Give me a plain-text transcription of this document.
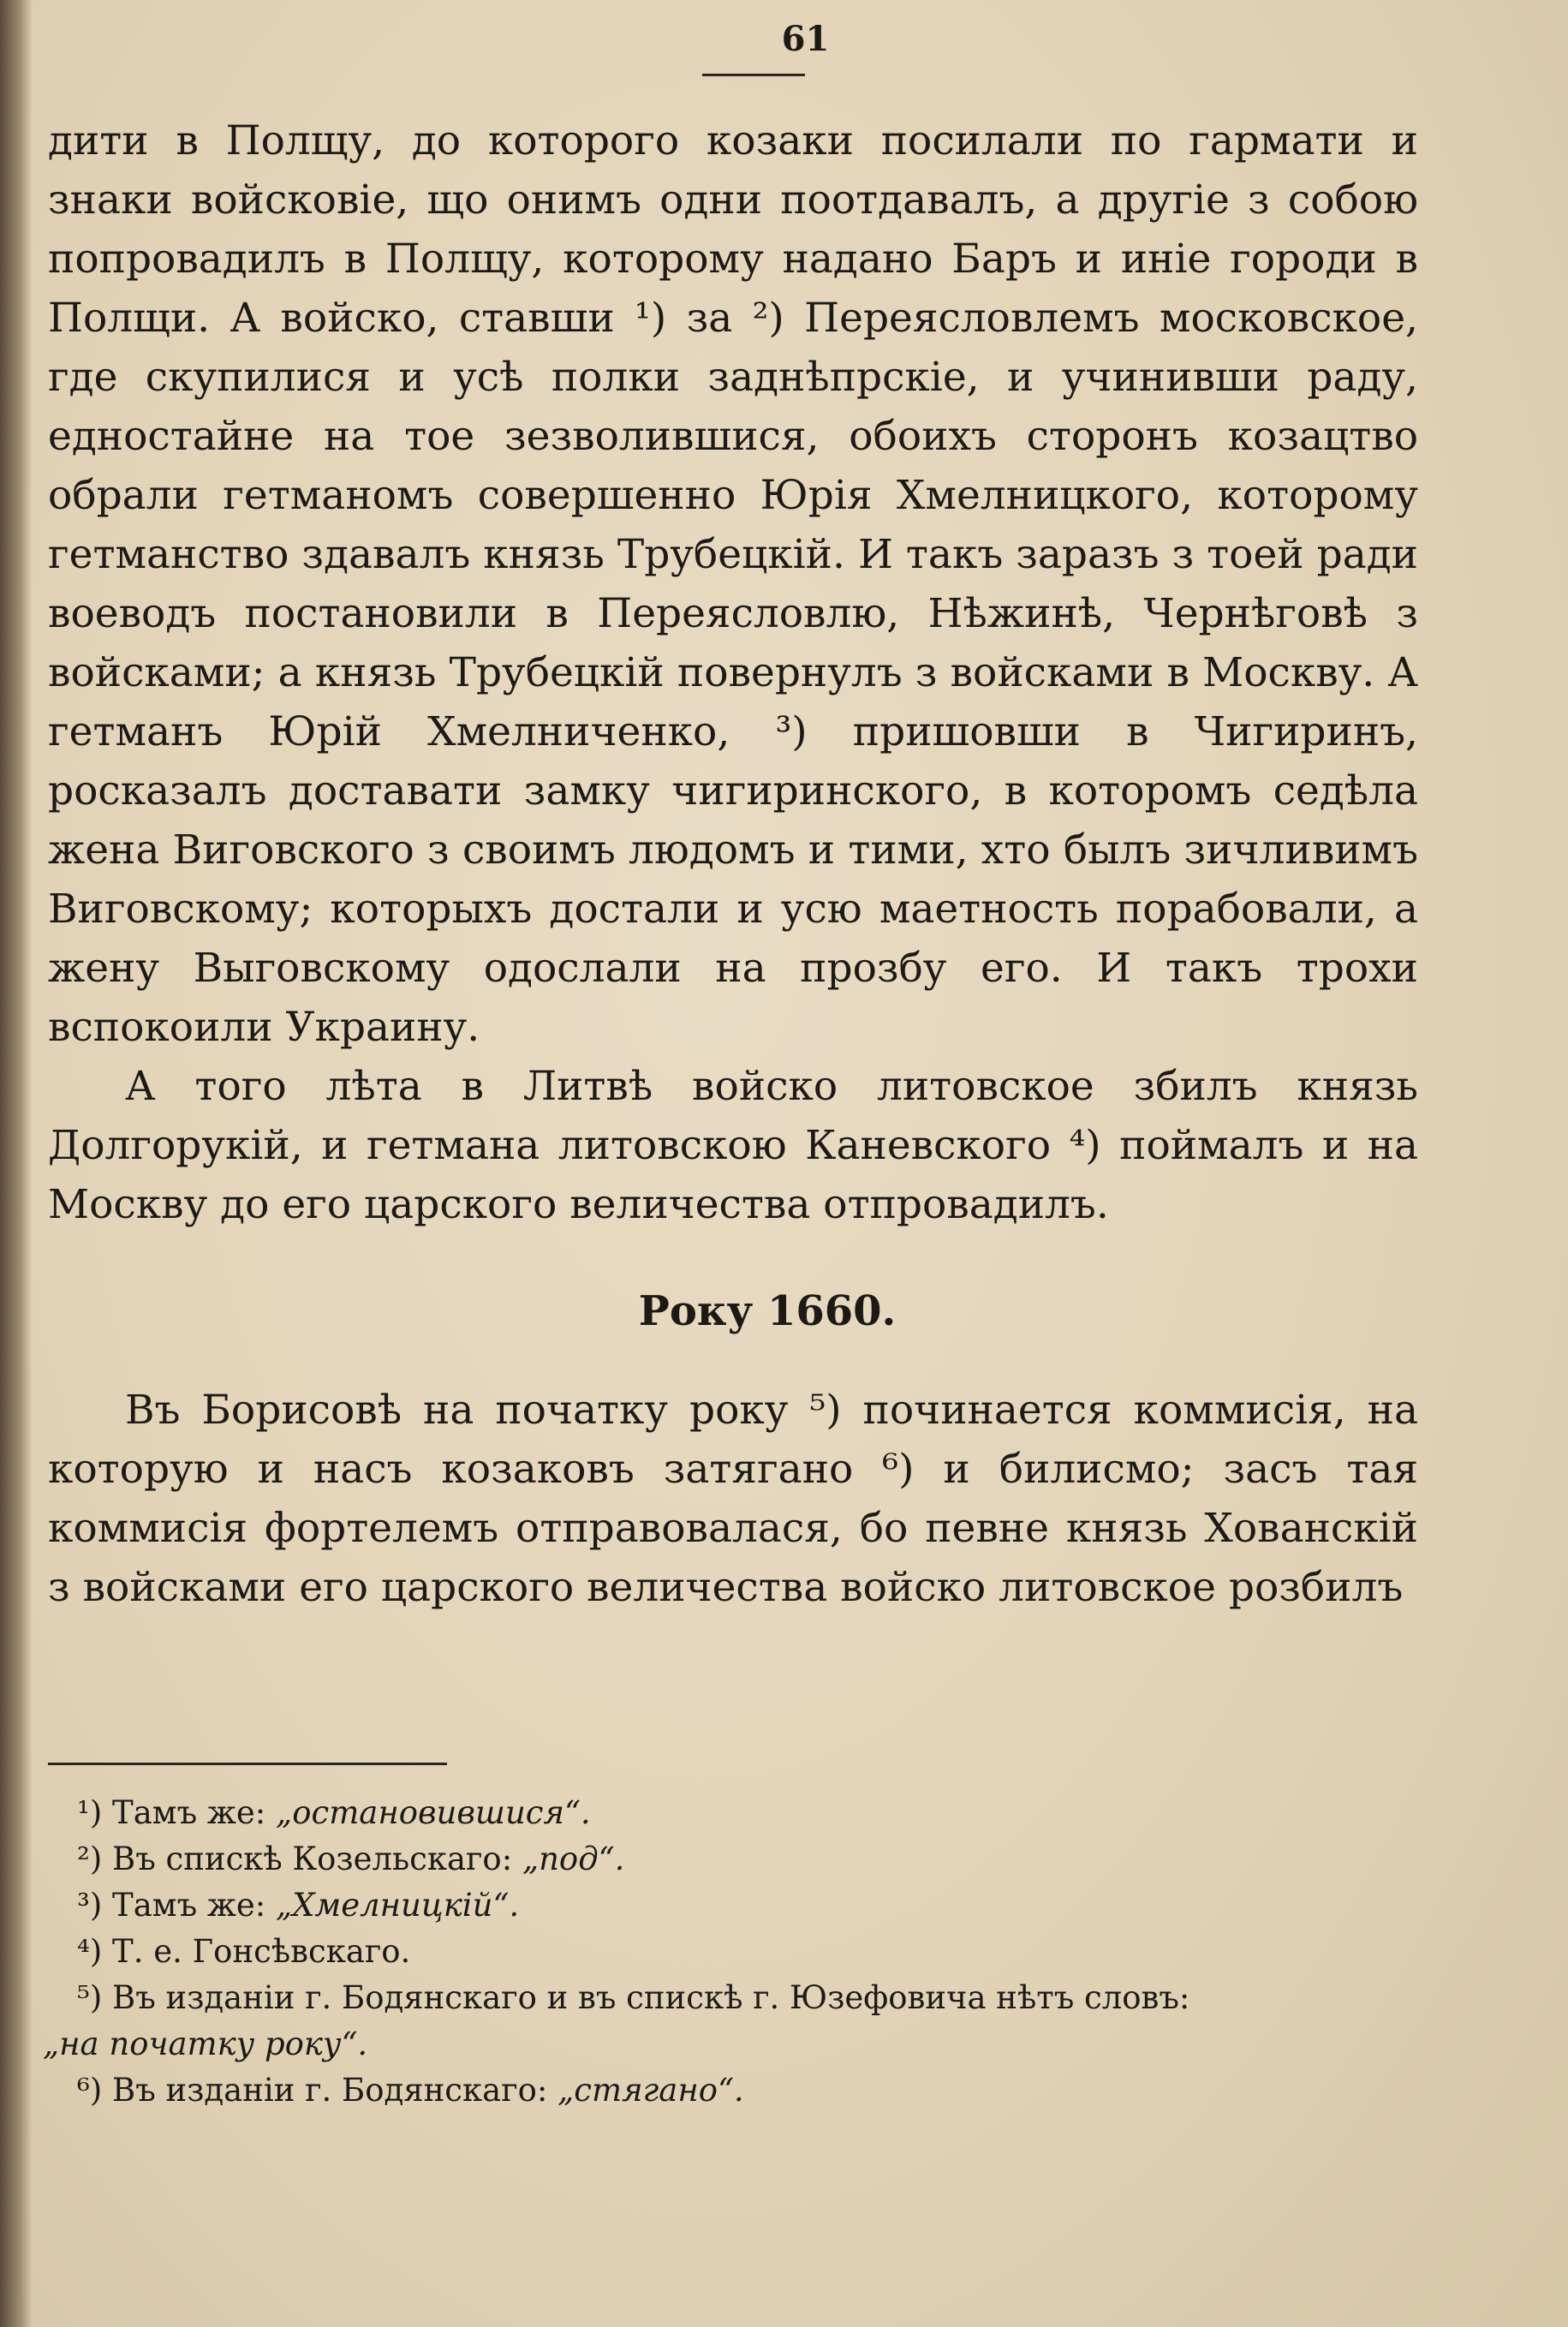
61

дити в Полщу, до которого козаки посилали по гармати и знаки войсковіе, що онимъ одни поотдавалъ, а другіе з собою попровадилъ в Полщу, которому надано Баръ и иніе городи в Полщи. А войско, ставши ¹) за ²) Переясловлемъ московское, где скупилися и усѣ полки заднѣпрскіе, и учинивши раду, едностайне на тое зезволившися, обоихъ сторонъ козацтво обрали гетманомъ совершенно Юрія Хмелницкого, которому гетманство здавалъ князь Трубецкій. И такъ заразъ з тоей ради воеводъ постановили в Переясловлю, Нѣжинѣ, Чернѣговѣ з войсками; а князь Трубецкій повернулъ з войсками в Москву. А гетманъ Юрій Хмелниченко, ³) пришовши в Чигиринъ, росказалъ доставати замку чигиринского, в которомъ седѣла жена Виговского з своимъ людомъ и тими, хто былъ зичливимъ Виговскому; которыхъ достали и усю маетность порабовали, а жену Выговскому одослали на прозбу его. И такъ трохи вспокоили Украину.

А того лѣта в Литвѣ войско литовское збилъ князь Долгорукій, и гетмана литовскою Каневского ⁴) поймалъ и на Москву до его царского величества отпровадилъ.

Року 1660.

Въ Борисовѣ на початку року ⁵) починается коммисія, на которую и насъ козаковъ затягано ⁶) и билисмо; засъ тая коммисія фортелемъ отправовалася, бо певне князь Хованскій з войсками его царского величества войско литовское розбилъ

¹) Тамъ же: „остановившися“.

²) Въ спискѣ Козельскаго: „под“.

³) Тамъ же: „Хмелницкій“.

⁴) Т. е. Гонсѣвскаго.

⁵) Въ изданіи г. Бодянскаго и въ спискѣ г. Юзефовича нѣтъ словъ:
„на початку року“.

⁶) Въ изданіи г. Бодянскаго: „стягано“.
